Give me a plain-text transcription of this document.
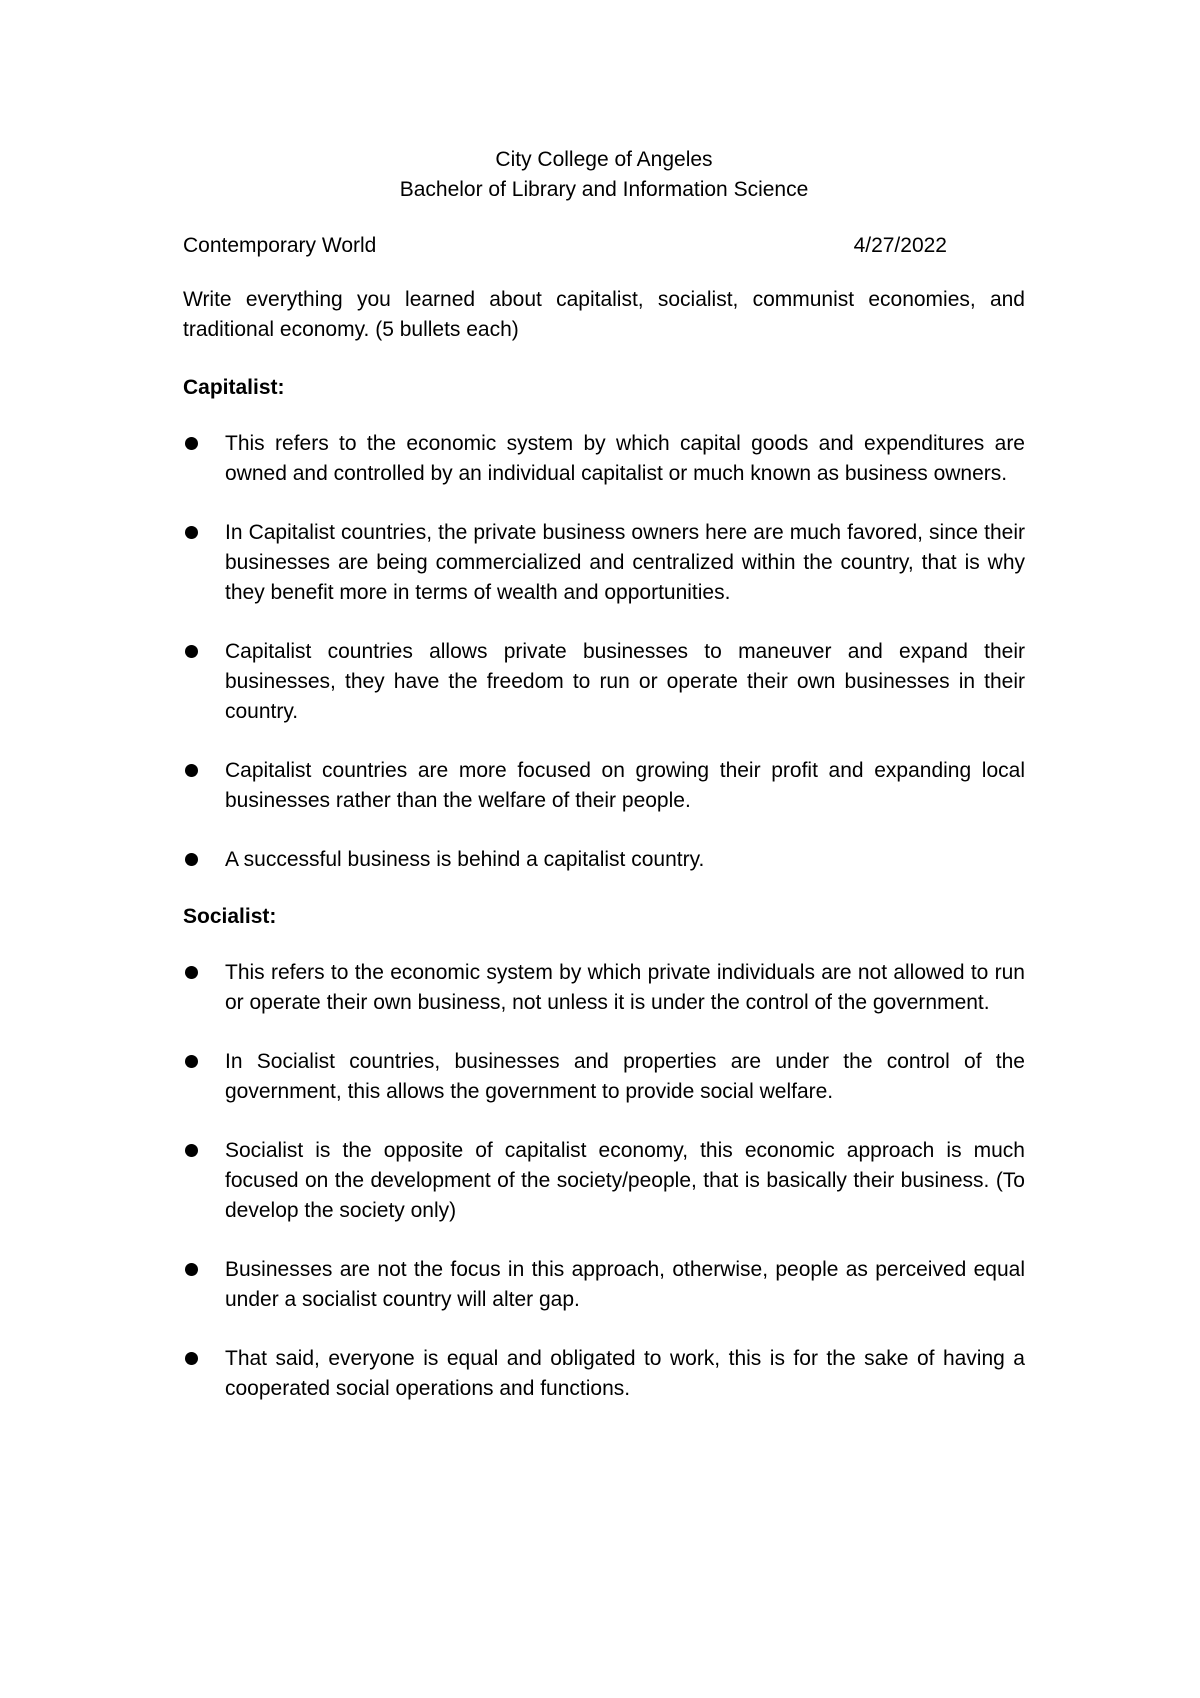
City College of Angeles
Bachelor of Library and Information Science
Contemporary World	4/27/2022
Write everything you learned about capitalist, socialist, communist economies, and traditional economy. (5 bullets each)
Capitalist:
This refers to the economic system by which capital goods and expenditures are owned and controlled by an individual capitalist or much known as business owners.
In Capitalist countries, the private business owners here are much favored, since their businesses are being commercialized and centralized within the country, that is why they benefit more in terms of wealth and opportunities.
Capitalist countries allows private businesses to maneuver and expand their businesses, they have the freedom to run or operate their own businesses in their country.
Capitalist countries are more focused on growing their profit and expanding local businesses rather than the welfare of their people.
A successful business is behind a capitalist country.
Socialist:
This refers to the economic system by which private individuals are not allowed to run or operate their own business, not unless it is under the control of the government.
In Socialist countries, businesses and properties are under the control of the government, this allows the government to provide social welfare.
Socialist is the opposite of capitalist economy, this economic approach is much focused on the development of the society/people, that is basically their business. (To develop the society only)
Businesses are not the focus in this approach, otherwise, people as perceived equal under a socialist country will alter gap.
That said, everyone is equal and obligated to work, this is for the sake of having a cooperated social operations and functions.
